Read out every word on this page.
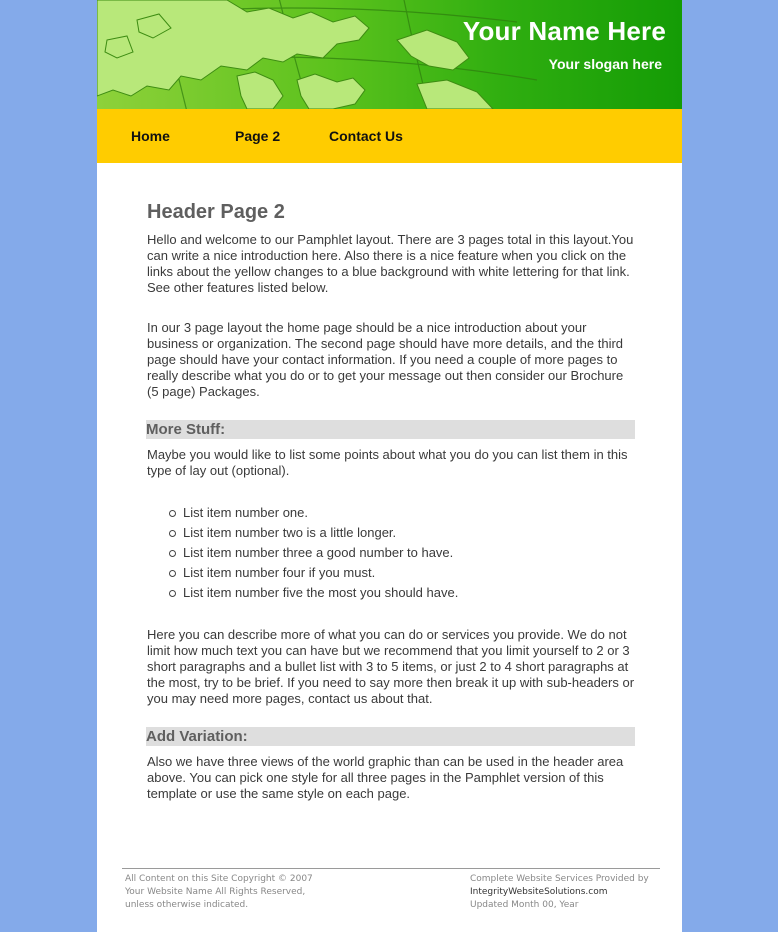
Your Name Here
Your slogan here
Home	Page 2	Contact Us
Header Page 2

Hello and welcome to our Pamphlet layout. There are 3 pages total in this layout.You can write a nice introduction here. Also there is a nice feature when you click on the links about the yellow changes to a blue background with white lettering for that link. See other features listed below.

In our 3 page layout the home page should be a nice introduction about your business or organization. The second page should have more details, and the third page should have your contact information. If you need a couple of more pages to really describe what you do or to get your message out then consider our Brochure (5 page) Packages.

More Stuff:

Maybe you would like to list some points about what you do you can list them in this type of lay out (optional).

List item number one.
List item number two is a little longer.
List item number three a good number to have.
List item number four if you must.
List item number five the most you should have.

Here you can describe more of what you can do or services you provide. We do not limit how much text you can have but we recommend that you limit yourself to 2 or 3 short paragraphs and a bullet list with 3 to 5 items, or just 2 to 4 short paragraphs at the most, try to be brief. If you need to say more then break it up with sub-headers or you may need more pages, contact us about that.

Add Variation:

Also we have three views of the world graphic than can be used in the header area above. You can pick one style for all three pages in the Pamphlet version of this template or use the same style on each page.

All Content on this Site Copyright © 2007
Your Website Name All Rights Reserved,
unless otherwise indicated.
Complete Website Services Provided by
IntegrityWebsiteSolutions.com
Updated Month 00, Year
